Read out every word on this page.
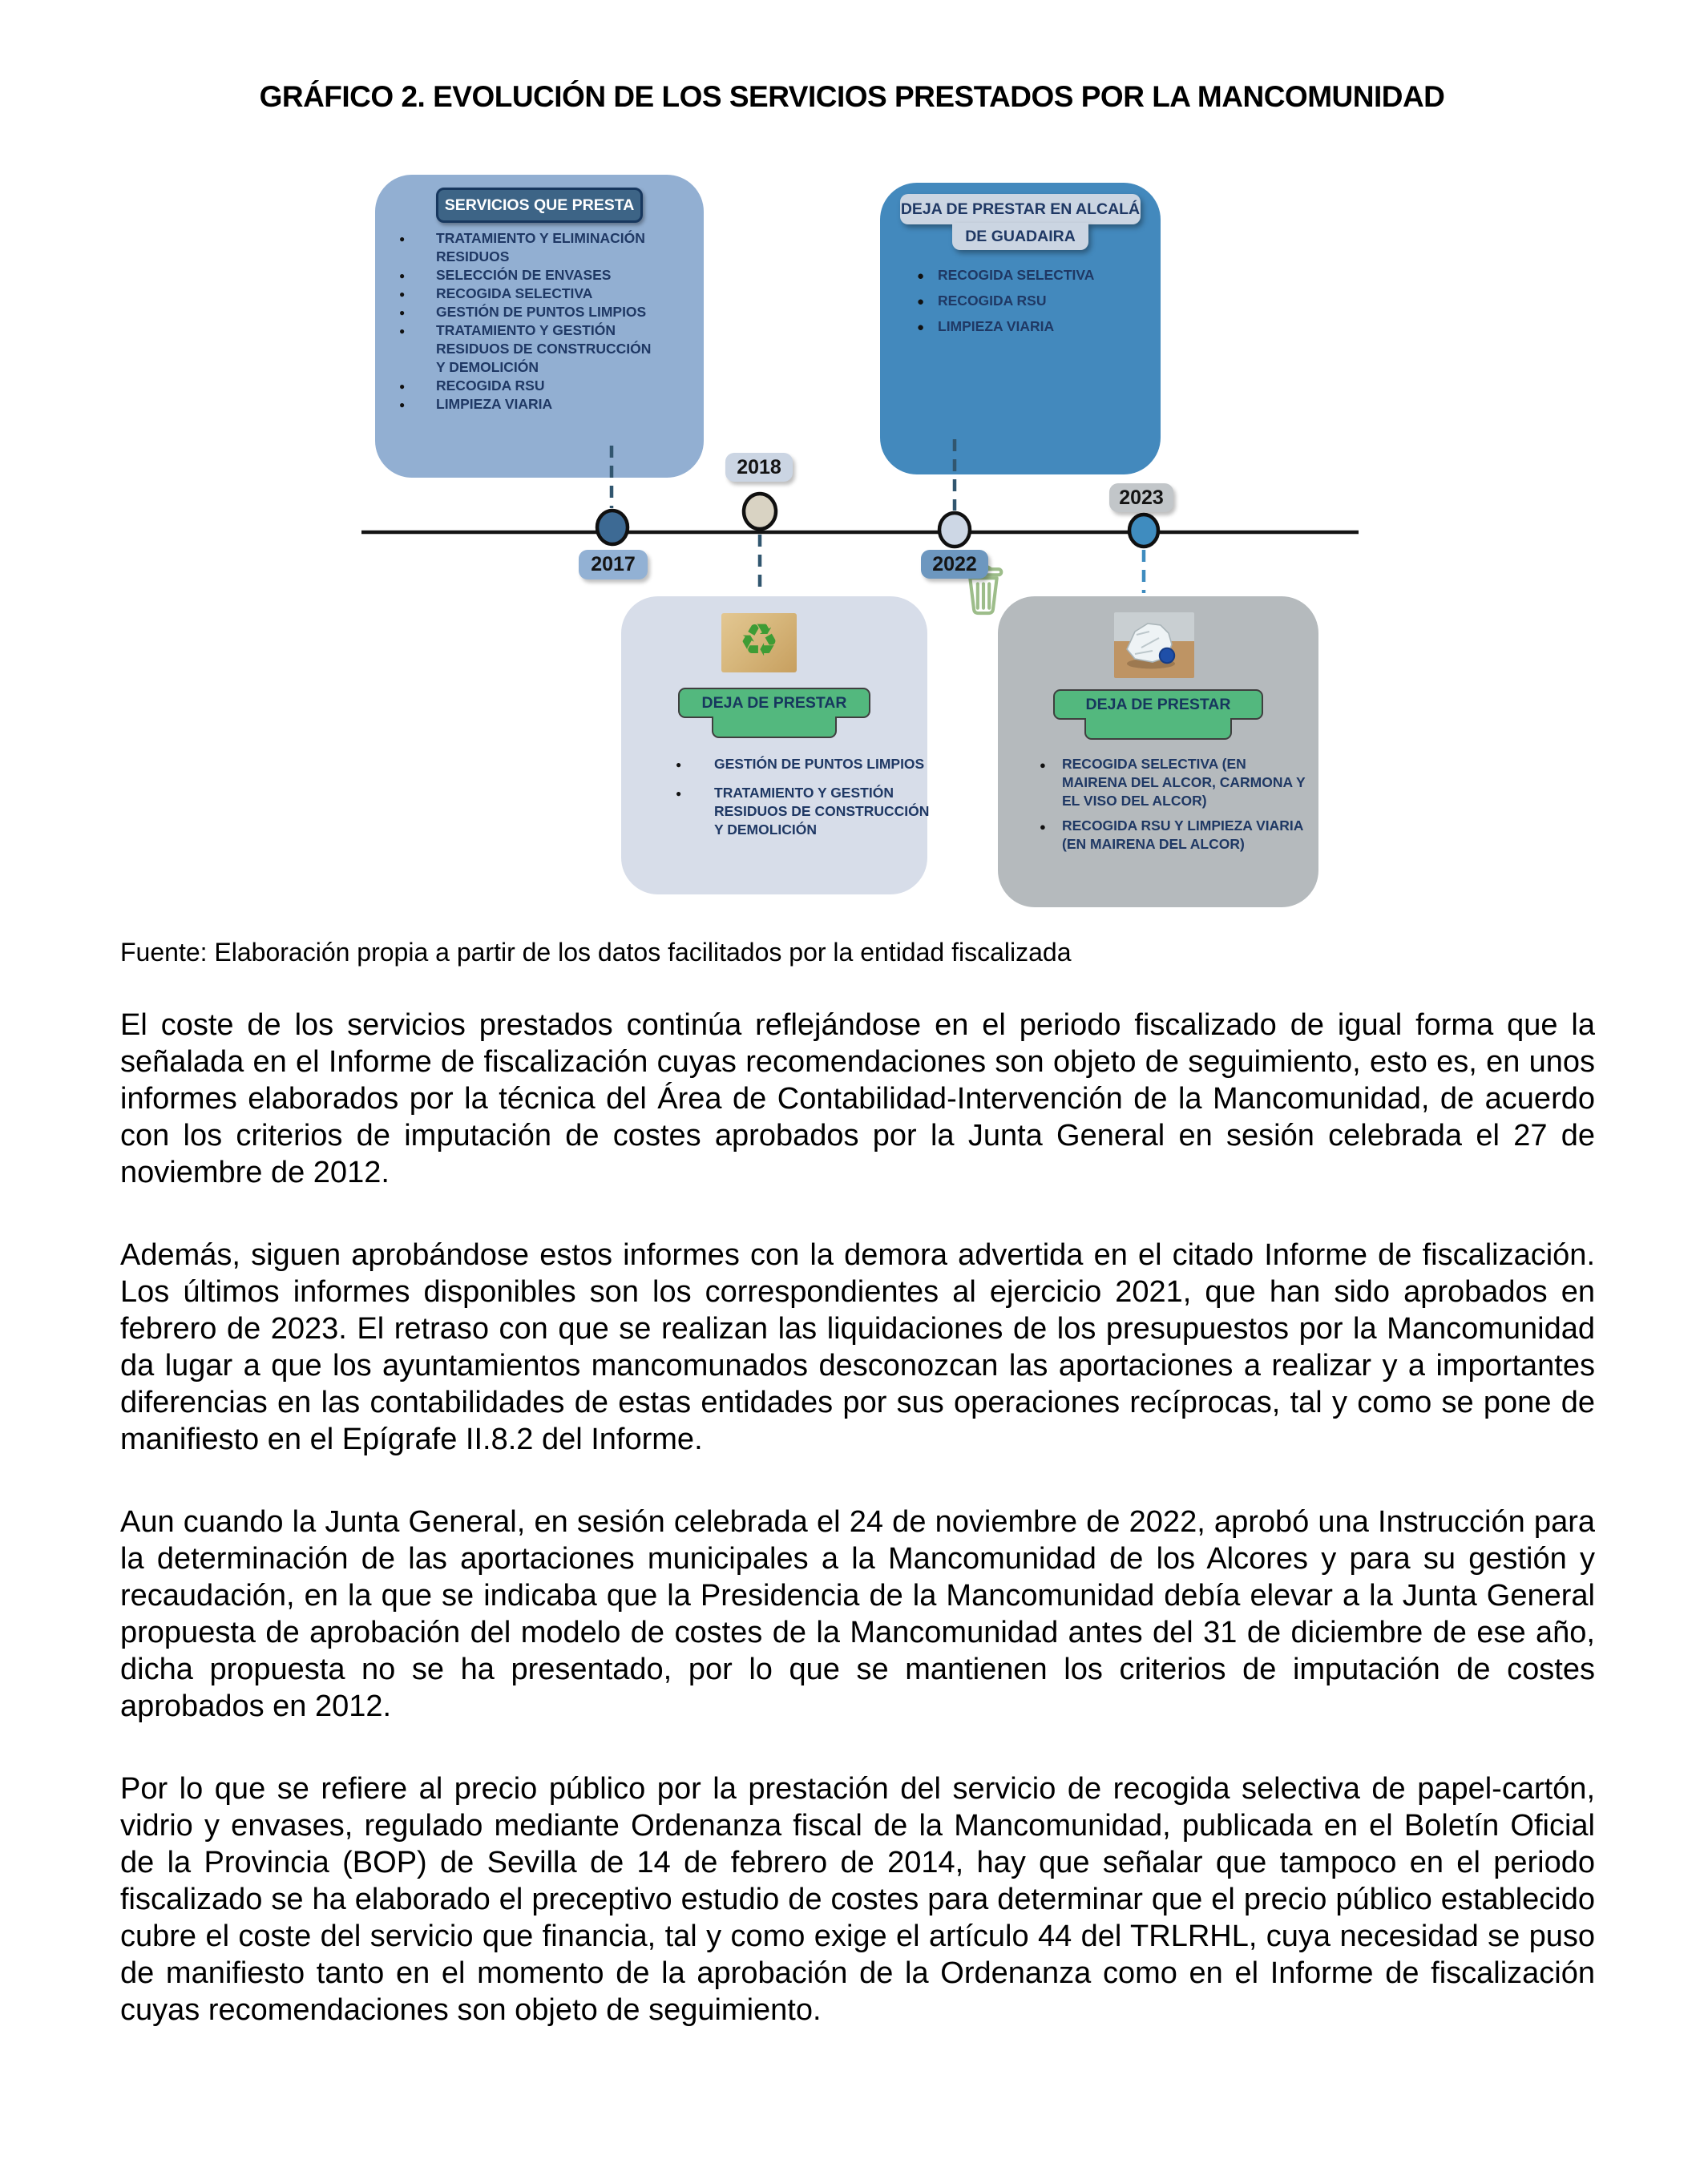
GRÁFICO 2. EVOLUCIÓN DE LOS SERVICIOS PRESTADOS POR LA MANCOMUNIDAD
SERVICIOS QUE PRESTA
● TRATAMIENTO Y ELIMINACIÓN RESIDUOS
● SELECCIÓN DE ENVASES
● RECOGIDA SELECTIVA
● GESTIÓN DE PUNTOS LIMPIOS
● TRATAMIENTO Y GESTIÓN RESIDUOS DE CONSTRUCCIÓN Y DEMOLICIÓN
● RECOGIDA RSU
● LIMPIEZA VIARIA
DEJA DE PRESTAR EN ALCALÁ
DE GUADAIRA
● RECOGIDA SELECTIVA
● RECOGIDA RSU
● LIMPIEZA VIARIA
♻
DEJA DE PRESTAR
● GESTIÓN DE PUNTOS LIMPIOS
● TRATAMIENTO Y GESTIÓN RESIDUOS DE CONSTRUCCIÓN Y DEMOLICIÓN
DEJA DE PRESTAR
● RECOGIDA SELECTIVA (EN MAIRENA DEL ALCOR, CARMONA Y EL VISO DEL ALCOR)
● RECOGIDA RSU Y LIMPIEZA VIARIA (EN MAIRENA DEL ALCOR)
2017
2018
2022
2023
Fuente: Elaboración propia a partir de los datos facilitados por la entidad fiscalizada

El coste de los servicios prestados continúa reflejándose en el periodo fiscalizado de igual forma que la señalada en el Informe de fiscalización cuyas recomendaciones son objeto de seguimiento, esto es, en unos informes elaborados por la técnica del Área de Contabilidad-Intervención de la Mancomunidad, de acuerdo con los criterios de imputación de costes aprobados por la Junta General en sesión celebrada el 27 de noviembre de 2012.

Además, siguen aprobándose estos informes con la demora advertida en el citado Informe de fiscalización. Los últimos informes disponibles son los correspondientes al ejercicio 2021, que han sido aprobados en febrero de 2023. El retraso con que se realizan las liquidaciones de los presupuestos por la Mancomunidad da lugar a que los ayuntamientos mancomunados desconozcan las aportaciones a realizar y a importantes diferencias en las contabilidades de estas entidades por sus operaciones recíprocas, tal y como se pone de manifiesto en el Epígrafe II.8.2 del Informe.

Aun cuando la Junta General, en sesión celebrada el 24 de noviembre de 2022, aprobó una Instrucción para la determinación de las aportaciones municipales a la Mancomunidad de los Alcores y para su gestión y recaudación, en la que se indicaba que la Presidencia de la Mancomunidad debía elevar a la Junta General propuesta de aprobación del modelo de costes de la Mancomunidad antes del 31 de diciembre de ese año, dicha propuesta no se ha presentado, por lo que se mantienen los criterios de imputación de costes aprobados en 2012.

Por lo que se refiere al precio público por la prestación del servicio de recogida selectiva de papel-cartón, vidrio y envases, regulado mediante Ordenanza fiscal de la Mancomunidad, publicada en el Boletín Oficial de la Provincia (BOP) de Sevilla de 14 de febrero de 2014, hay que señalar que tampoco en el periodo fiscalizado se ha elaborado el preceptivo estudio de costes para determinar que el precio público establecido cubre el coste del servicio que financia, tal y como exige el artículo 44 del TRLRHL, cuya necesidad se puso de manifiesto tanto en el momento de la aprobación de la Ordenanza como en el Informe de fiscalización cuyas recomendaciones son objeto de seguimiento.
